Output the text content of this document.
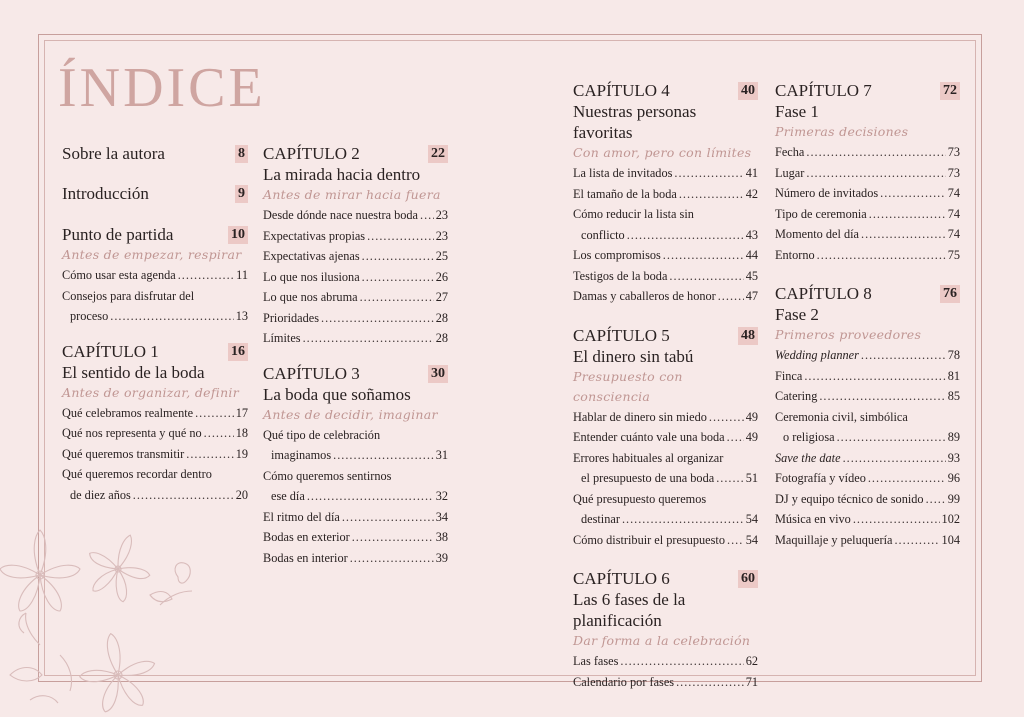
ÍNDICE
Sobre la autora	8
Introducción	9
Punto de partida	10
Antes de empezar, respirar
Cómo usar esta agenda .....	11
Consejos para disfrutar del
proceso .....	13
CAPÍTULO 1	16
El sentido de la boda
Antes de organizar, definir
Qué celebramos realmente .....	17
Qué nos representa y qué no .....	18
Qué queremos transmitir .....	19
Qué queremos recordar dentro
de diez años .....	20
CAPÍTULO 2	22
La mirada hacia dentro
Antes de mirar hacia fuera
Desde dónde nace nuestra boda ..... 23
Expectativas propias .....	23
Expectativas ajenas .....	25
Lo que nos ilusiona .....	26
Lo que nos abruma .....	27
Prioridades .....	28
Límites .....	28
CAPÍTULO 3	30
La boda que soñamos
Antes de decidir, imaginar
Qué tipo de celebración
imaginamos .....	31
Cómo queremos sentirnos
ese día .....	32
El ritmo del día .....	34
Bodas en exterior .....	38
Bodas en interior .....	39
CAPÍTULO 4	40
Nuestras personas favoritas
Con amor, pero con límites
La lista de invitados .....	41
El tamaño de la boda .....	42
Cómo reducir la lista sin
conflicto .....	43
Los compromisos .....	44
Testigos de la boda .....	45
Damas y caballeros de honor ..... 47
CAPÍTULO 5	48
El dinero sin tabú
Presupuesto con consciencia
Hablar de dinero sin miedo .....	49
Entender cuánto vale una boda ..... 49
Errores habituales al organizar
el presupuesto de una boda .....	51
Qué presupuesto queremos
destinar .....	54
Cómo distribuir el presupuesto ..... 54
CAPÍTULO 6	60
Las 6 fases de la
planificación
Dar forma a la celebración
Las fases .....	62
Calendario por fases .....	71
CAPÍTULO 7	72
Fase 1
Primeras decisiones
Fecha .....	73
Lugar .....	73
Número de invitados .....	74
Tipo de ceremonia .....	74
Momento del día .....	74
Entorno .....	75
CAPÍTULO 8	76
Fase 2
Primeros proveedores
Wedding planner .....	78
Finca .....	81
Catering .....	85
Ceremonia civil, simbólica
o religiosa .....	89
Save the date .....	93
Fotografía y vídeo .....	96
DJ y equipo técnico de sonido ..... 99
Música en vivo .....	102
Maquillaje y peluquería .....	104
